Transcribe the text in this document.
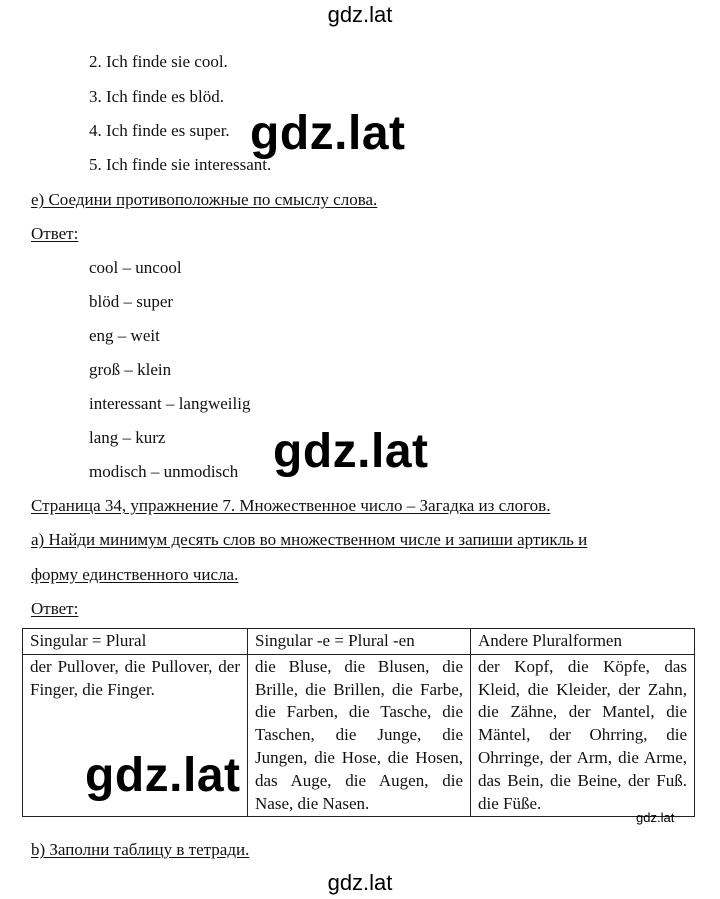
gdz.lat
2. Ich finde sie cool.
3. Ich finde es blöd.
4. Ich finde es super.
5. Ich finde sie interessant.
gdz.lat
e) Соедини противоположные по смыслу слова.
Ответ:
cool – uncool
blöd – super
eng – weit
groß – klein
interessant – langweilig
lang – kurz
modisch – unmodisch gdz.lat
Страница 34, упражнение 7. Множественное число – Загадка из слогов.
а) Найди минимум десять слов во множественном числе и запиши артикль и
форму единственного числа.
Ответ:
Singular = Plural	Singular -e = Plural -en	Andere Pluralformen
der Pullover, die Pullover, der Finger, die Finger.	die Bluse, die Blusen, die Brille, die Brillen, die Farbe, die Farben, die Tasche, die Taschen, die Junge, die Jungen, die Hose, die Hosen, das Auge, die Augen, die Nase, die Nasen.	der Kopf, die Köpfe, das Kleid, die Kleider, der Zahn, die Zähne, der Mantel, die Mäntel, der Ohrring, die Ohrringe, der Arm, die Arme, das Bein, die Beine, der Fuß. die Füße.
gdz.lat
gdz.lat
b) Заполни таблицу в тетради.
gdz.lat
